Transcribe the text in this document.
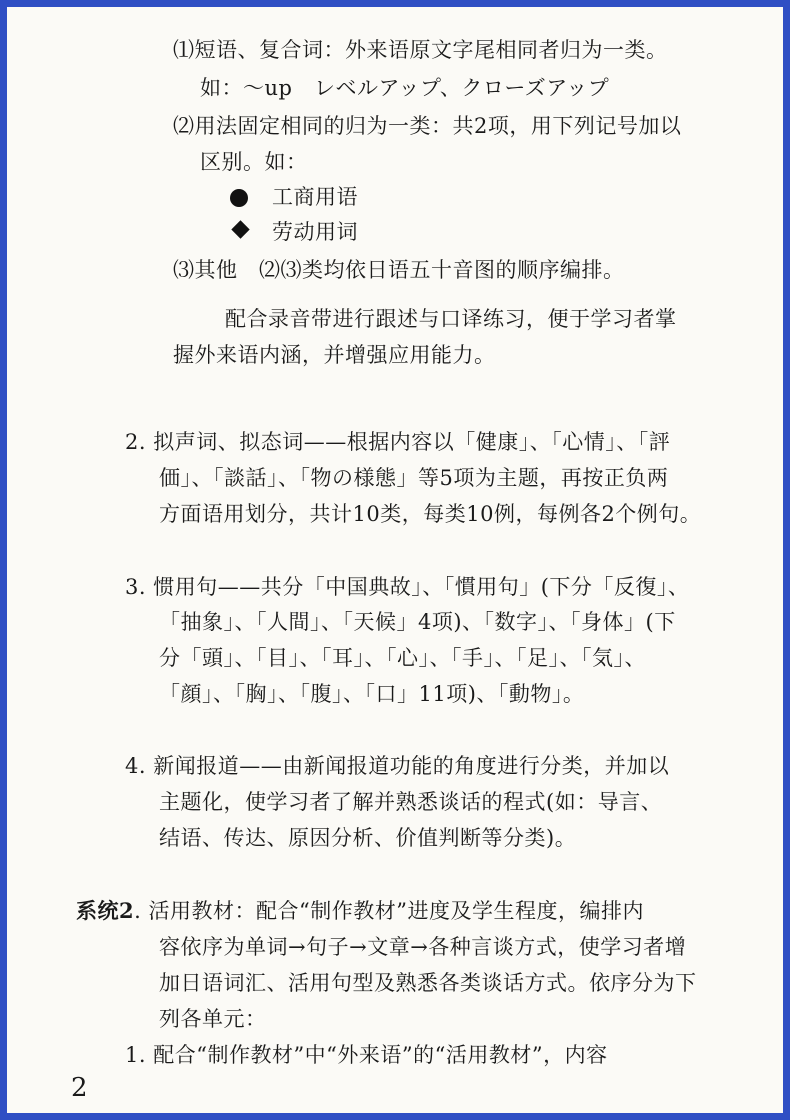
⑴短语、复合词：外来语原文字尾相同者归为一类。
如：～up　レベルアップ、クローズアップ
⑵用法固定相同的归为一类：共2项，用下列记号加以
区别。如：
工商用语
劳动用词
⑶其他　⑵⑶类均依日语五十音图的顺序编排。
配合录音带进行跟述与口译练习，便于学习者掌
握外来语内涵，并增强应用能力。
2. 拟声词、拟态词——根据内容以「健康」、「心情」、「評
価」、「談話」、「物の様態」等5项为主题，再按正负两
方面语用划分，共计10类，每类10例，每例各2个例句。
3. 惯用句——共分「中国典故」、「慣用句」(下分「反復」、
「抽象」、「人間」、「天候」4项)、「数字」、「身体」(下
分「頭」、「目」、「耳」、「心」、「手」、「足」、「気」、
「顔」、「胸」、「腹」、「口」11项)、「動物」。
4. 新闻报道——由新闻报道功能的角度进行分类，并加以
主题化，使学习者了解并熟悉谈话的程式(如：导言、
结语、传达、原因分析、价值判断等分类)。
系统2. 活用教材：配合“制作教材”进度及学生程度，编排内
容依序为单词→句子→文章→各种言谈方式，使学习者增
加日语词汇、活用句型及熟悉各类谈话方式。依序分为下
列各单元：
1. 配合“制作教材”中“外来语”的“活用教材”，内容
2
